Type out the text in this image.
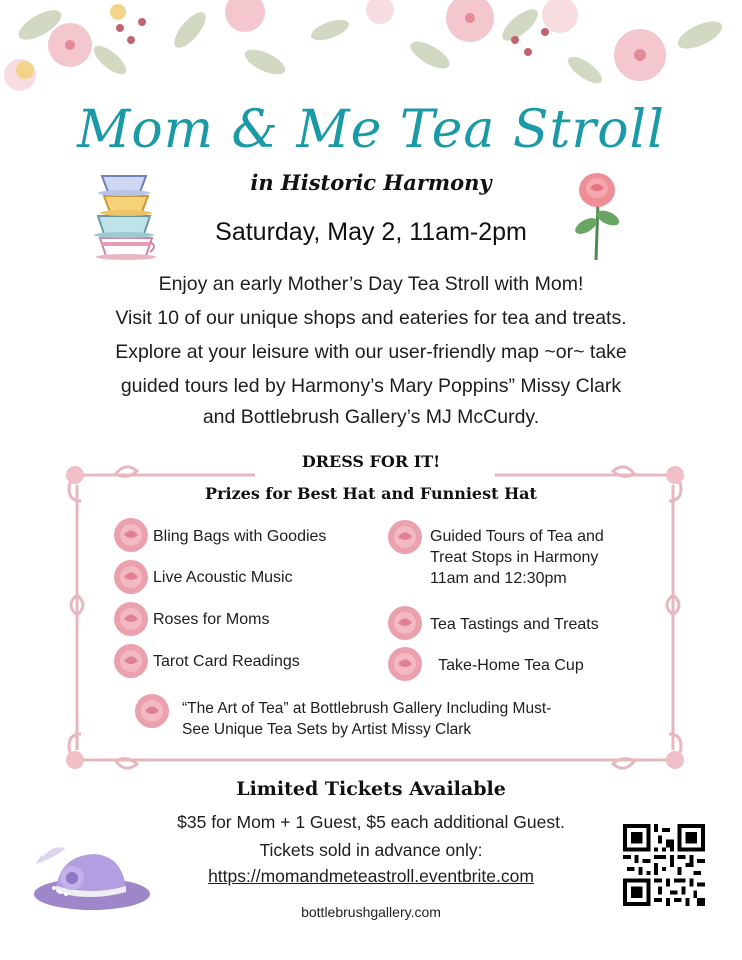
Mom & Me Tea Stroll
in Historic Harmony
Saturday, May 2, 11am-2pm
Enjoy an early Mother’s Day Tea Stroll with Mom!
Visit 10 of our unique shops and eateries for tea and treats.
Explore at your leisure with our user-friendly map ~or~ take
guided tours led by Harmony’s Mary Poppins” Missy Clark
and Bottlebrush Gallery’s MJ McCurdy.
DRESS FOR IT!
Prizes for Best Hat and Funniest Hat
Bling Bags with Goodies
Live Acoustic Music
Roses for Moms
Tarot Card Readings
Guided Tours of Tea and
Treat Stops in Harmony
11am and 12:30pm
Tea Tastings and Treats
Take-Home Tea Cup
“The Art of Tea” at Bottlebrush Gallery Including Must-
See Unique Tea Sets by Artist Missy Clark
Limited Tickets Available
$35 for Mom + 1 Guest, $5 each additional Guest.
Tickets sold in advance only:
https://momandmeteastroll.eventbrite.com
bottlebrushgallery.com
